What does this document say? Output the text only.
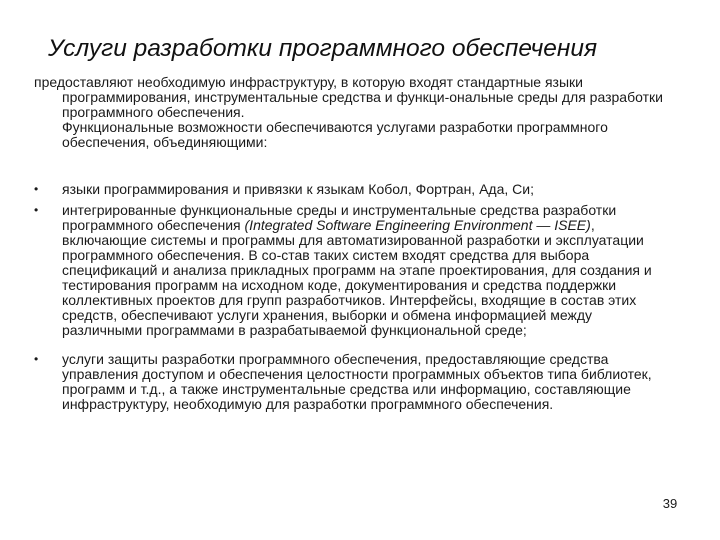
Услуги разработки программного обеспечения
предоставляют необходимую инфраструктуру, в которую входят стандартные языки программирования, инструментальные средства и функци-ональные среды для разработки программного обеспечения.
Функциональные возможности обеспечиваются услугами разработки программного обеспечения, объединяющими:
• языки программирования и привязки к языкам Кобол, Фортран, Ада, Си;
• интегрированные функциональные среды и инструментальные средства разработки программного обеспечения (Integrated Software Engineering Environment — ISEE), включающие системы и программы для автоматизированной разработки и эксплуатации программного обеспечения. В со-став таких систем входят средства для выбора спецификаций и анализа прикладных программ на этапе проектирования, для создания и тестирования программ на исходном коде, документирования и средства поддержки коллективных проектов для групп разработчиков. Интерфейсы, входящие в состав этих средств, обеспечивают услуги хранения, выборки и обмена информацией между различными программами в разрабатываемой функциональной среде;
• услуги защиты разработки программного обеспечения, предоставляющие средства управления доступом и обеспечения целостности программных объектов типа библиотек, программ и т.д., а также инструментальные средства или информацию, составляющие инфраструктуру, необходимую для разработки программного обеспечения.
39
